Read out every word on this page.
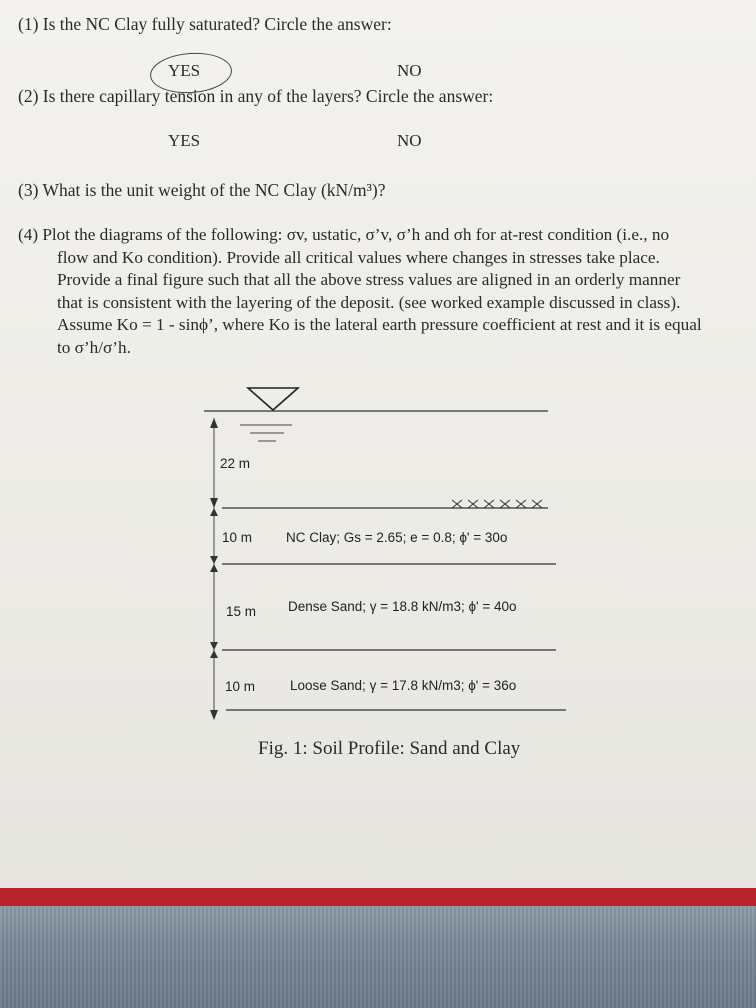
(1) Is the NC Clay fully saturated? Circle the answer:
YES	NO
(2) Is there capillary tension in any of the layers? Circle the answer:
YES	NO
(3) What is the unit weight of the NC Clay (kN/m³)?
(4) Plot the diagrams of the following: σv, ustatic, σ’v, σ’h and σh for at-rest condition (i.e., no
flow and Ko condition). Provide all critical values where changes in stresses take place.
Provide a final figure such that all the above stress values are aligned in an orderly manner
that is consistent with the layering of the deposit. (see worked example discussed in class).
Assume Ko = 1 - sinϕ’, where Ko is the lateral earth pressure coefficient at rest and it is equal
to σ’h/σ’h.
22 m
10 m	NC Clay; Gs = 2.65; e = 0.8; ϕ' = 30o
15 m Dense Sand; γ = 18.8 kN/m3; ϕ' = 40o
10 m	Loose Sand; γ = 17.8 kN/m3; ϕ' = 36o
Fig. 1: Soil Profile: Sand and Clay
